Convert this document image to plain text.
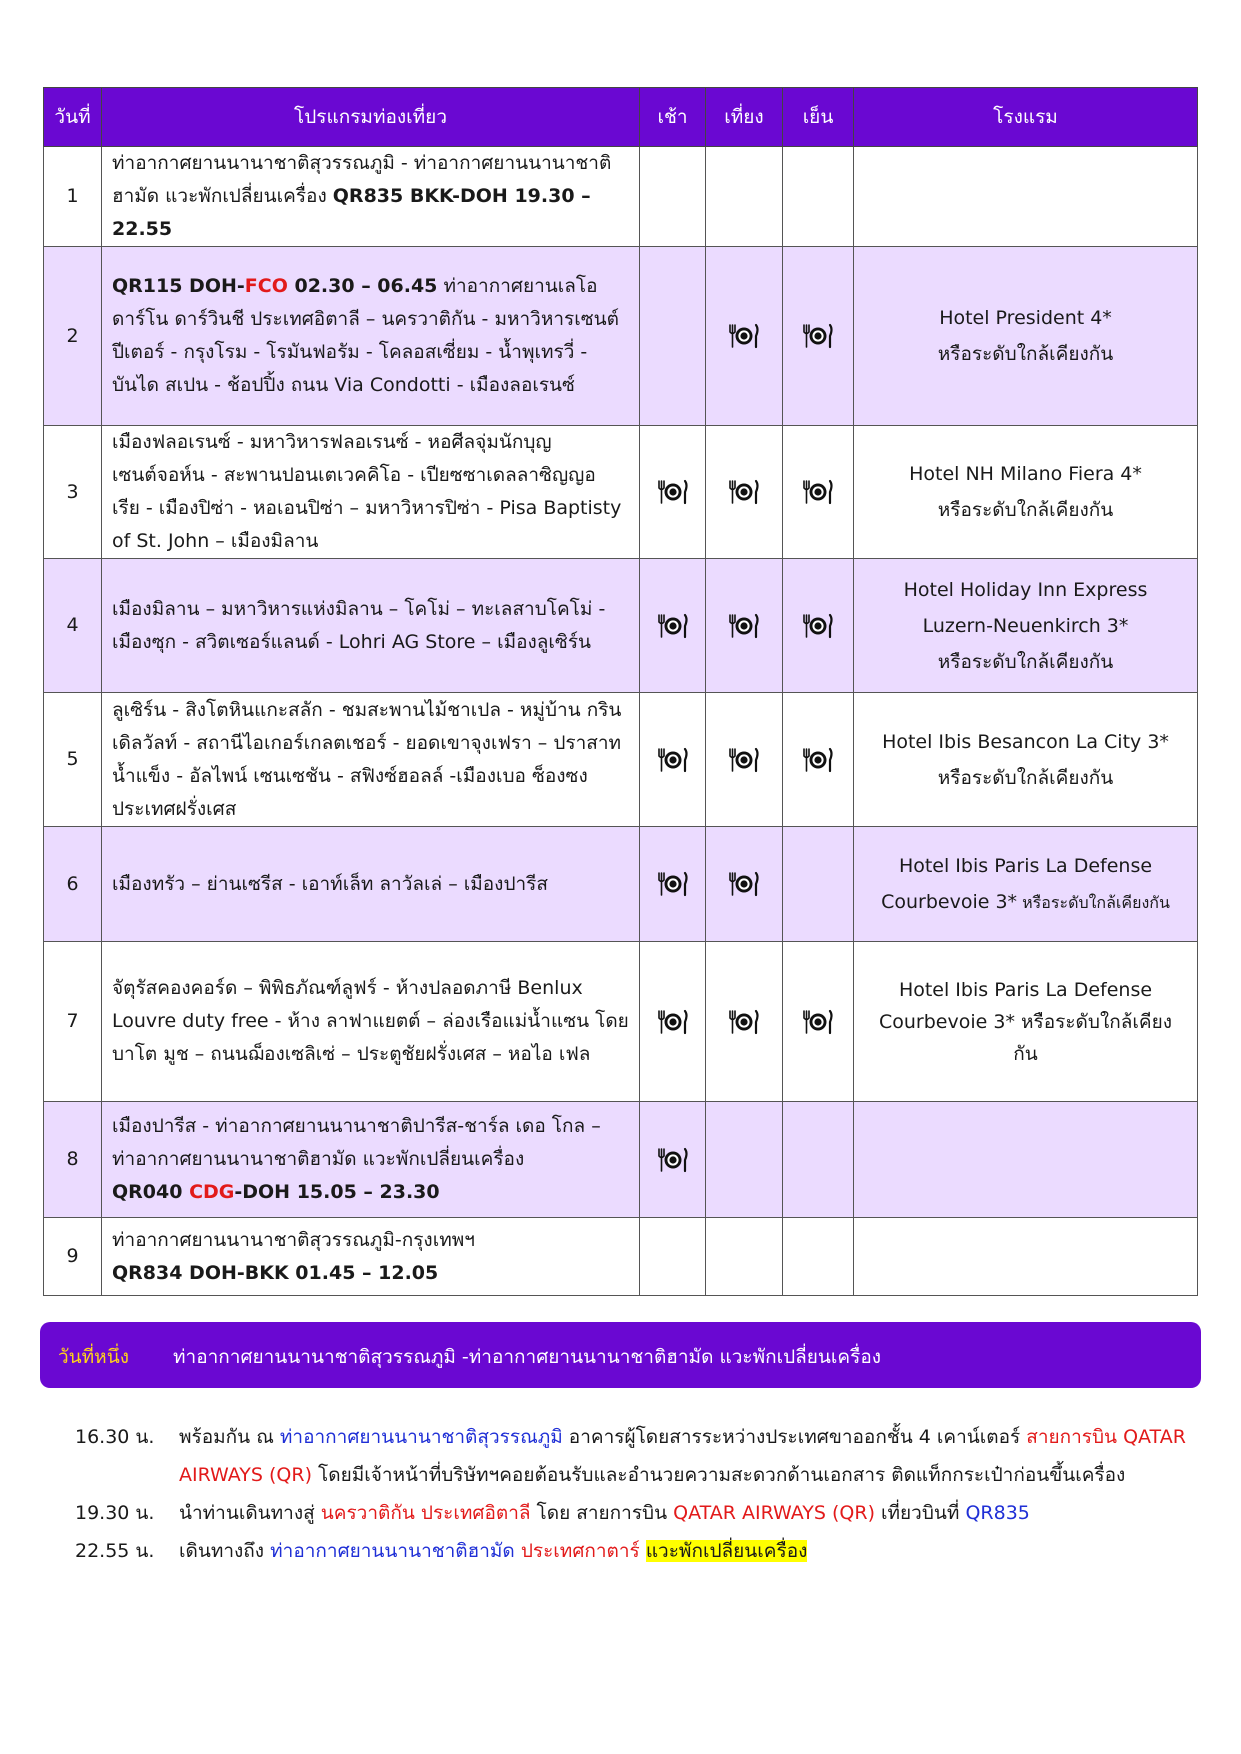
วันที่	โปรแกรมท่องเที่ยว	เช้า	เที่ยง	เย็น	โรงแรม
1	ท่าอากาศยานนานาชาติสุวรรณภูมิ - ท่าอากาศยานนานาชาติ ฮามัด แวะพักเปลี่ยนเครื่อง QR835 BKK-DOH 19.30 – 22.55				
2	QR115 DOH-FCO 02.30 – 06.45 ท่าอากาศยานเลโอดาร์โน ดาร์วินชี ประเทศอิตาลี – นครวาติกัน - มหาวิหารเซนต์ปีเตอร์ - กรุงโรม - โรมันฟอรัม - โคลอสเซี่ยม - น้ำพุเทรวี่ - บันได สเปน - ช้อปปิ้ง ถนน Via Condotti - เมืองลอเรนซ์				Hotel President 4*
หรือระดับใกล้เคียงกัน

3	เมืองฟลอเรนซ์ - มหาวิหารฟลอเรนซ์ - หอศีลจุ่มนักบุญ เซนต์จอห์น - สะพานปอนเตเวคคิโอ - เปียซซาเดลลาซิญญอ เรีย - เมืองปิซ่า - หอเอนปิซ่า – มหาวิหารปิซ่า - Pisa Baptisty of St. John – เมืองมิลาน				Hotel NH Milano Fiera 4*
หรือระดับใกล้เคียงกัน

4	เมืองมิลาน – มหาวิหารแห่งมิลาน – โคโม่ – ทะเลสาบโคโม่ - เมืองซุก - สวิตเซอร์แลนด์ - Lohri AG Store – เมืองลูเซิร์น				Hotel Holiday Inn Express
Luzern-Neuenkirch 3*
หรือระดับใกล้เคียงกัน

5	ลูเซิร์น - สิงโตหินแกะสลัก - ชมสะพานไม้ชาเปล - หมู่บ้าน กรินเดิลวัลท์ - สถานีไอเกอร์เกลตเชอร์ - ยอดเขาจุงเฟรา – ปราสาทน้ำแข็ง - อัลไพน์ เซนเซชัน - สฟิงซ์ฮอลล์ -เมืองเบอ ซ็องซง ประเทศฝรั่งเศส				Hotel Ibis Besancon La City 3*
หรือระดับใกล้เคียงกัน

6	เมืองทรัว – ย่านเซรีส - เอาท์เล็ท ลาวัลเล่ – เมืองปารีส				Hotel Ibis Paris La Defense
Courbevoie 3* หรือระดับใกล้เคียงกัน

7	จัตุรัสคองคอร์ด – พิพิธภัณฑ์ลูฟร์ - ห้างปลอดภาษี Benlux Louvre duty free - ห้าง ลาฟาแยตต์ – ล่องเรือแม่น้ำแซน โดย บาโต มูช – ถนนฌ็องเซลิเซ่ – ประตูชัยฝรั่งเศส – หอไอ เฟล				Hotel Ibis Paris La Defense
Courbevoie 3* หรือระดับใกล้เคียง
กัน

8	เมืองปารีส - ท่าอากาศยานนานาชาติปารีส-ชาร์ล เดอ โกล – ท่าอากาศยานนานาชาติฮามัด แวะพักเปลี่ยนเครื่อง
QR040 CDG-DOH 15.05 – 23.30

9	ท่าอากาศยานนานาชาติสุวรรณภูมิ-กรุงเทพฯ
QR834 DOH-BKK 01.45 – 12.05				

วันที่หนึ่ง ท่าอากาศยานนานาชาติสุวรรณภูมิ -ท่าอากาศยานนานาชาติฮามัด แวะพักเปลี่ยนเครื่อง
16.30 น.	พร้อมกัน ณ ท่าอากาศยานนานาชาติสุวรรณภูมิ อาคารผู้โดยสารระหว่างประเทศขาออกชั้น 4 เคาน์เตอร์ สายการบิน QATAR AIRWAYS (QR) โดยมีเจ้าหน้าที่บริษัทฯคอยต้อนรับและอำนวยความสะดวกด้านเอกสาร ติดแท็กกระเป๋าก่อนขึ้นเครื่อง
19.30 น.	นำท่านเดินทางสู่ นครวาติกัน ประเทศอิตาลี โดย สายการบิน QATAR AIRWAYS (QR) เที่ยวบินที่ QR835
22.55 น.	เดินทางถึง ท่าอากาศยานนานาชาติฮามัด ประเทศกาตาร์ แวะพักเปลี่ยนเครื่อง
